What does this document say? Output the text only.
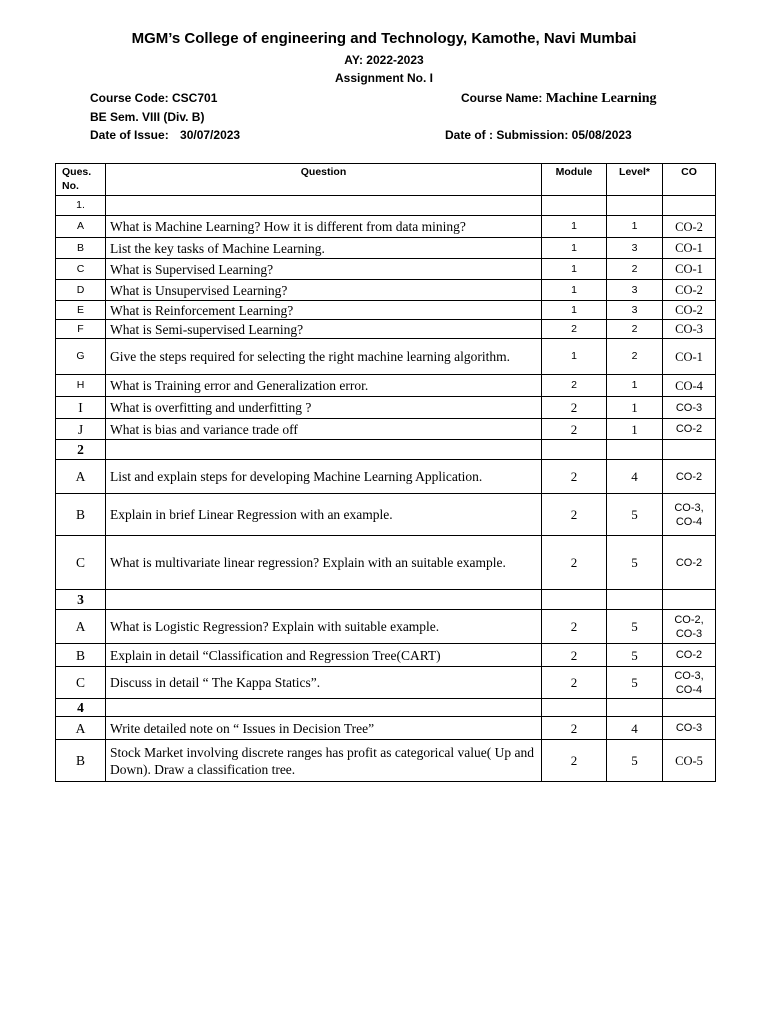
MGM’s College of engineering and Technology, Kamothe, Navi Mumbai
AY: 2022-2023
Assignment No. I
Course Code: CSC701	Course Name: Machine Learning
BE Sem. VIII (Div. B)
Date of Issue: 30/07/2023	Date of : Submission: 05/08/2023
Ques. No.	Question	Module	Level*	CO
1.				
A	What is Machine Learning? How it is different from data mining?	1	1	CO-2
B	List the key tasks of Machine Learning.	1	3	CO-1
C	What is Supervised Learning?	1	2	CO-1
D	What is Unsupervised Learning?	1	3	CO-2
E	What is Reinforcement Learning?	1	3	CO-2
F	What is Semi-supervised Learning?	2	2	CO-3
G	Give the steps required for selecting the right machine learning algorithm.	1	2	CO-1
H	What is Training error and Generalization error.	2	1	CO-4
I	What is overfitting and underfitting ?	2	1	CO-3
J	What is bias and variance trade off	2	1	CO-2
2				
A	List and explain steps for developing Machine Learning Application.	2	4	CO-2
B	Explain in brief Linear Regression with an example.	2	5	CO-3, CO-4
C	What is multivariate linear regression? Explain with an suitable example.	2	5	CO-2
3				
A	What is Logistic Regression? Explain with suitable example.	2	5	CO-2, CO-3
B	Explain in detail “Classification and Regression Tree(CART)	2	5	CO-2
C	Discuss in detail “ The Kappa Statics”.	2	5	CO-3, CO-4
4				
A	Write detailed note on “ Issues in Decision Tree”	2	4	CO-3
B	Stock Market involving discrete ranges has profit as categorical value( Up and Down). Draw a classification tree.	2	5	CO-5
